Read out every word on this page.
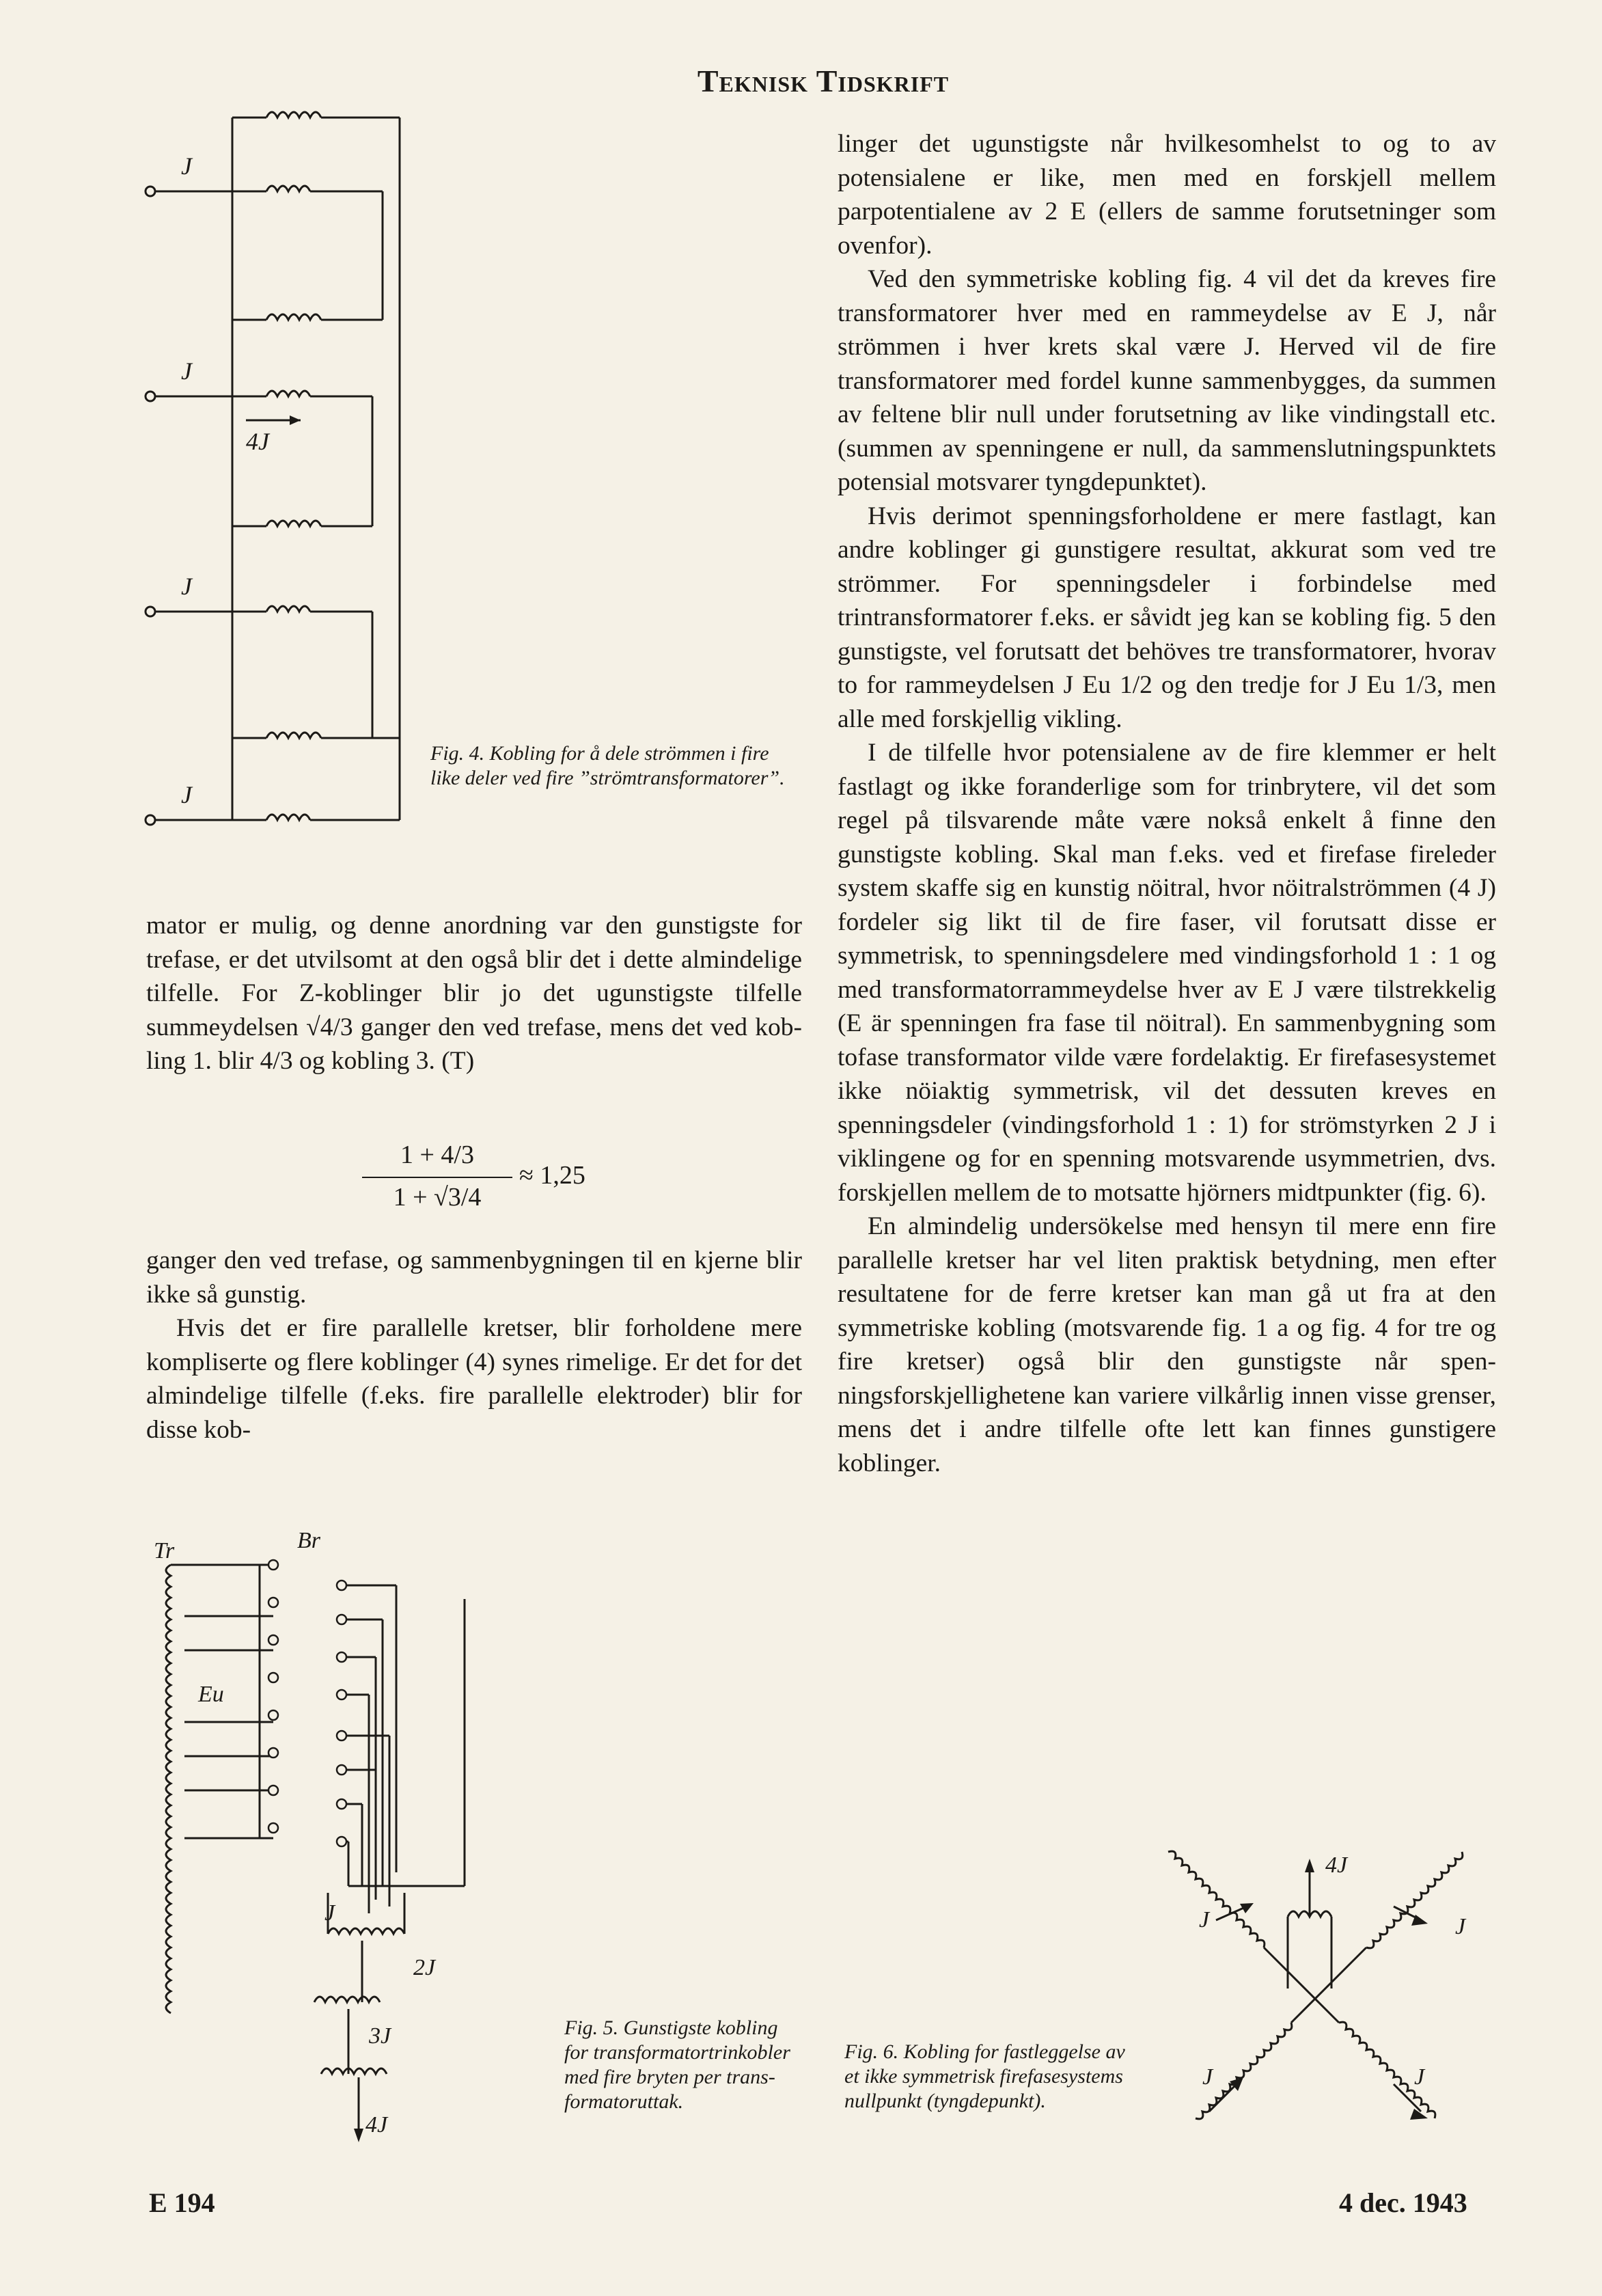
Teknisk Tidskrift
J
J
4J
J
J
Fig. 4. Kobling for å dele strömmen i fire like deler ved fire ”strömtransformatorer”.

mator er mulig, og denne anordning var den gunstigste for trefase, er det utvilsomt at den også blir det i dette almindelige tilfelle. For Z-koblinger blir jo det ugunstigste tilfelle summeydelsen √4/3 ganger den ved trefase, mens det ved kobling 1. blir 4/3 og kobling 3. (T)

1 + 4/3
1 + √3/4
≈ 1,25

ganger den ved trefase, og sammenbygningen til en kjerne blir ikke så gunstig.

Hvis det er fire parallelle kretser, blir forholdene mere kompliserte og flere koblinger (4) synes rimelige. Er det for det almindelige tilfelle (f.eks. fire parallelle elektroder) blir for disse kob-

Tr	Br
Eu
J
2J
3J
4J
Fig. 5. Gunstigste kobling for transformatortrinkobler med fire bryten per transformatoruttak.

linger det ugunstigste når hvilkesomhelst to og to av potensialene er like, men med en forskjell mellem parpotentialene av 2 E (ellers de samme forutsetninger som ovenfor).

Ved den symmetriske kobling fig. 4 vil det da kreves fire transformatorer hver med en rammeydelse av E J, når strömmen i hver krets skal være J. Herved vil de fire transformatorer med fordel kunne sammenbygges, da summen av feltene blir null under forutsetning av like vindingstall etc. (summen av spenningene er null, da sammenslutningspunktets potensial motsvarer tyngdepunktet).

Hvis derimot spenningsforholdene er mere fastlagt, kan andre koblinger gi gunstigere resultat, akkurat som ved tre strömmer. For spenningsdeler i forbindelse med trintransformatorer f.eks. er såvidt jeg kan se kobling fig. 5 den gunstigste, vel forutsatt det behöves tre transformatorer, hvorav to for rammeydelsen J Eu 1/2 og den tredje for J Eu 1/3, men alle med forskjellig vikling.

I de tilfelle hvor potensialene av de fire klemmer er helt fastlagt og ikke foranderlige som for trinbrytere, vil det som regel på tilsvarende måte være nokså enkelt å finne den gunstigste kobling. Skal man f.eks. ved et firefase fireleder system skaffe sig en kunstig nöitral, hvor nöitralströmmen (4 J) fordeler sig likt til de fire faser, vil forutsatt disse er symmetrisk, to spenningsdelere med vindingsforhold 1 : 1 og med transformatorrammeydelse hver av E J være tilstrekkelig (E är spenningen fra fase til nöitral). En sammenbygning som tofase transformator vilde være fordelaktig. Er firefasesystemet ikke nöiaktig symmetrisk, vil det dessuten kreves en spenningsdeler (vindingsforhold 1 : 1) for strömstyrken 2 J i viklingene og for en spenning motsvarende usymmetrien, dvs. forskjellen mellem de to motsatte hjörners midtpunkter (fig. 6).

En almindelig undersökelse med hensyn til mere enn fire parallelle kretser har vel liten praktisk betydning, men efter resultatene for de ferre kretser kan man gå ut fra at den symmetriske kobling (motsvarende fig. 1 a og fig. 4 for tre og fire kretser) også blir den gunstigste når spenningsforskjellighetene kan variere vilkårlig innen visse grenser, mens det i andre tilfelle ofte lett kan finnes gunstigere koblinger.

Fig. 6. Kobling for fastleggelse av et ikke symmetrisk firefasesystems nullpunkt (tyngdepunkt).
J
4J
J
J	J
E 194	4 dec. 1943
